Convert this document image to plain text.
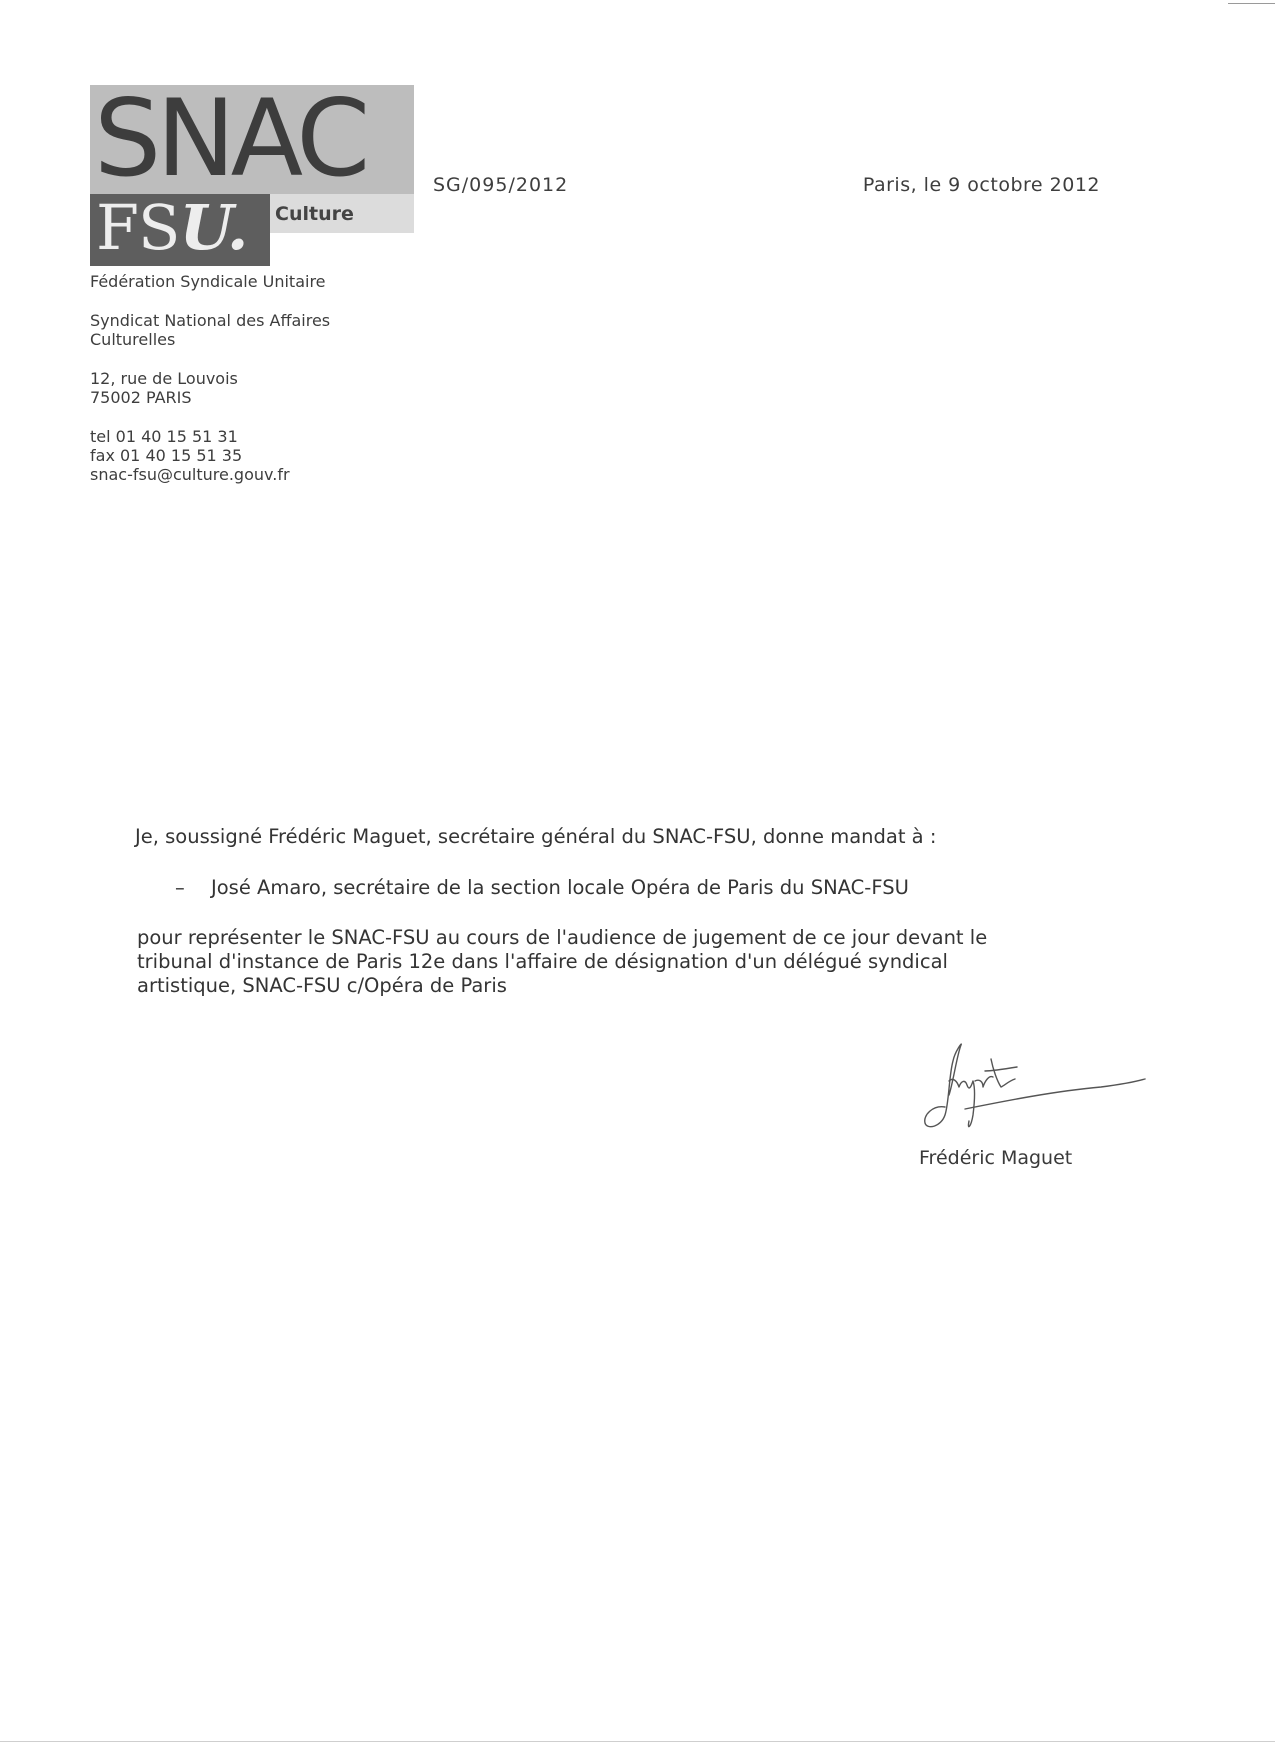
SNAC
FSU. Culture
SG/095/2012	Paris, le 9 octobre 2012
Fédération Syndicale Unitaire
Syndicat National des Affaires
Culturelles
12, rue de Louvois
75002 PARIS
tel 01 40 15 51 31
fax 01 40 15 51 35
snac-fsu@culture.gouv.fr
Je, soussigné Frédéric Maguet, secrétaire général du SNAC-FSU, donne mandat à :
– José Amaro, secrétaire de la section locale Opéra de Paris du SNAC-FSU
pour représenter le SNAC-FSU au cours de l'audience de jugement de ce jour devant le
tribunal d'instance de Paris 12e dans l'affaire de désignation d'un délégué syndical
artistique, SNAC-FSU c/Opéra de Paris
Frédéric Maguet
